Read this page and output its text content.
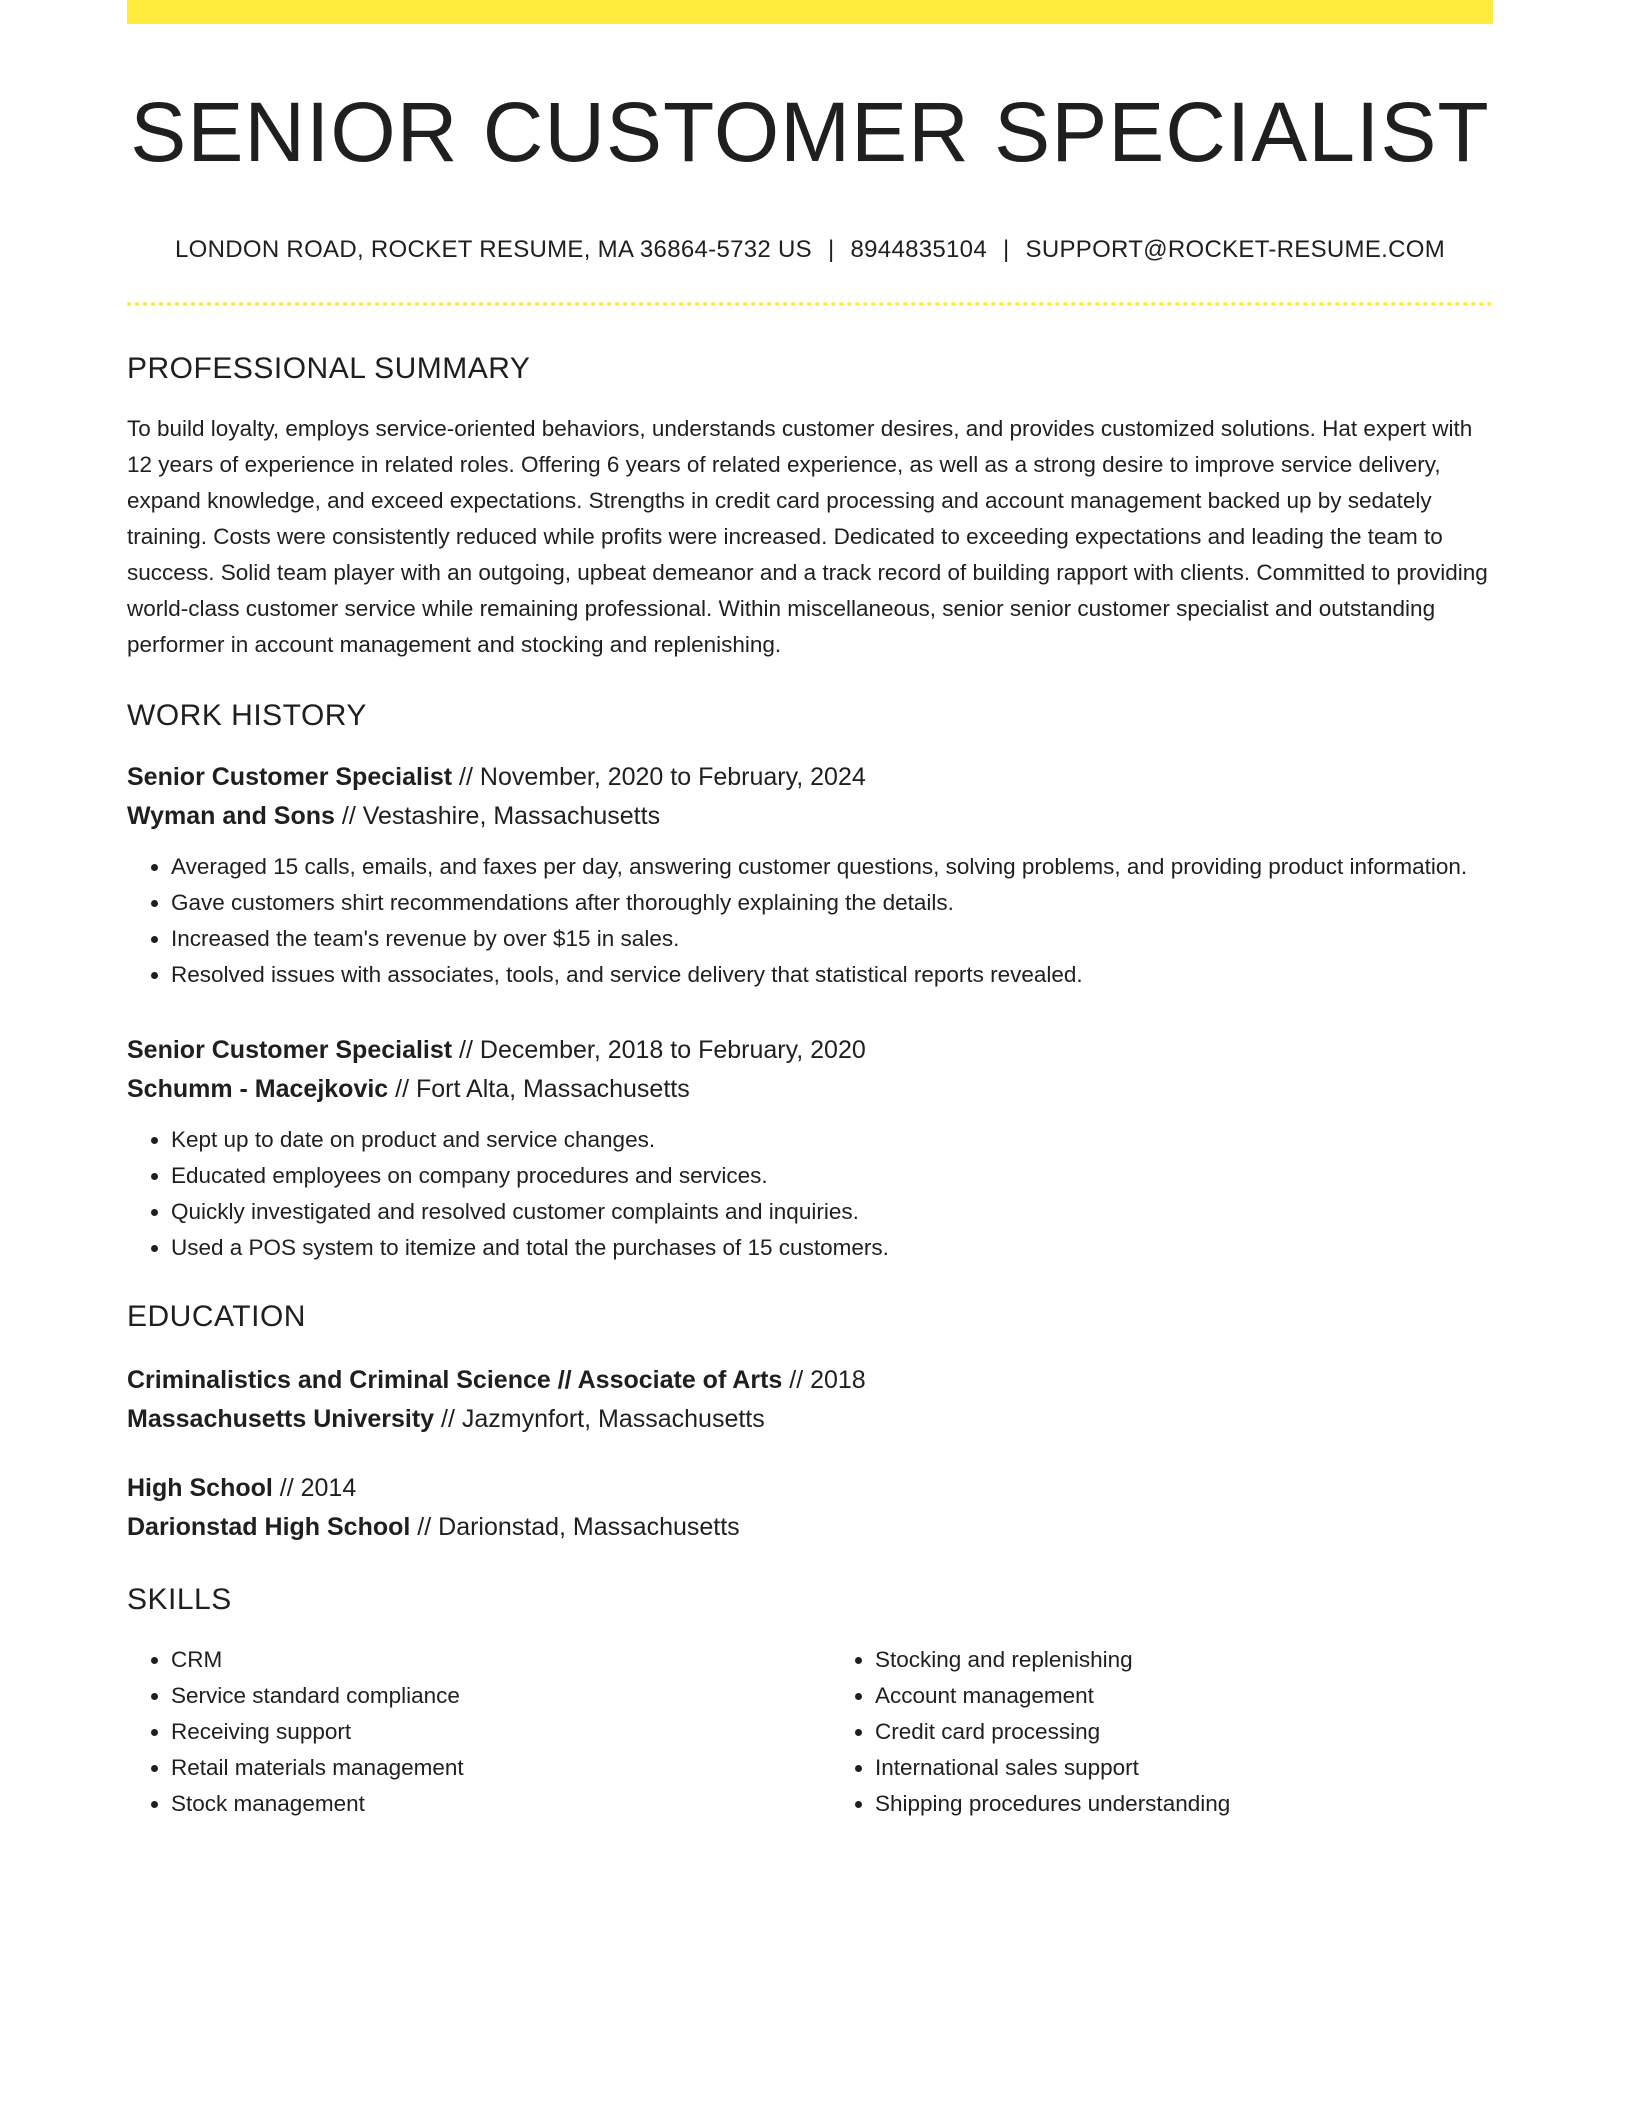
SENIOR CUSTOMER SPECIALIST
LONDON ROAD, ROCKET RESUME, MA 36864-5732 US | 8944835104 | SUPPORT@ROCKET-RESUME.COM
PROFESSIONAL SUMMARY
To build loyalty, employs service-oriented behaviors, understands customer desires, and provides customized solutions. Hat expert with 12 years of experience in related roles. Offering 6 years of related experience, as well as a strong desire to improve service delivery, expand knowledge, and exceed expectations. Strengths in credit card processing and account management backed up by sedately training. Costs were consistently reduced while profits were increased. Dedicated to exceeding expectations and leading the team to success. Solid team player with an outgoing, upbeat demeanor and a track record of building rapport with clients. Committed to providing world-class customer service while remaining professional. Within miscellaneous, senior senior customer specialist and outstanding performer in account management and stocking and replenishing.
WORK HISTORY
Senior Customer Specialist // November, 2020 to February, 2024
Wyman and Sons // Vestashire, Massachusetts
• Averaged 15 calls, emails, and faxes per day, answering customer questions, solving problems, and providing product information.
• Gave customers shirt recommendations after thoroughly explaining the details.
• Increased the team's revenue by over $15 in sales.
• Resolved issues with associates, tools, and service delivery that statistical reports revealed.
Senior Customer Specialist // December, 2018 to February, 2020
Schumm - Macejkovic // Fort Alta, Massachusetts
• Kept up to date on product and service changes.
• Educated employees on company procedures and services.
• Quickly investigated and resolved customer complaints and inquiries.
• Used a POS system to itemize and total the purchases of 15 customers.
EDUCATION
Criminalistics and Criminal Science // Associate of Arts // 2018
Massachusetts University // Jazmynfort, Massachusetts
High School // 2014
Darionstad High School // Darionstad, Massachusetts
SKILLS
• CRM
• Service standard compliance
• Receiving support
• Retail materials management
• Stock management
• Stocking and replenishing
• Account management
• Credit card processing
• International sales support
• Shipping procedures understanding
